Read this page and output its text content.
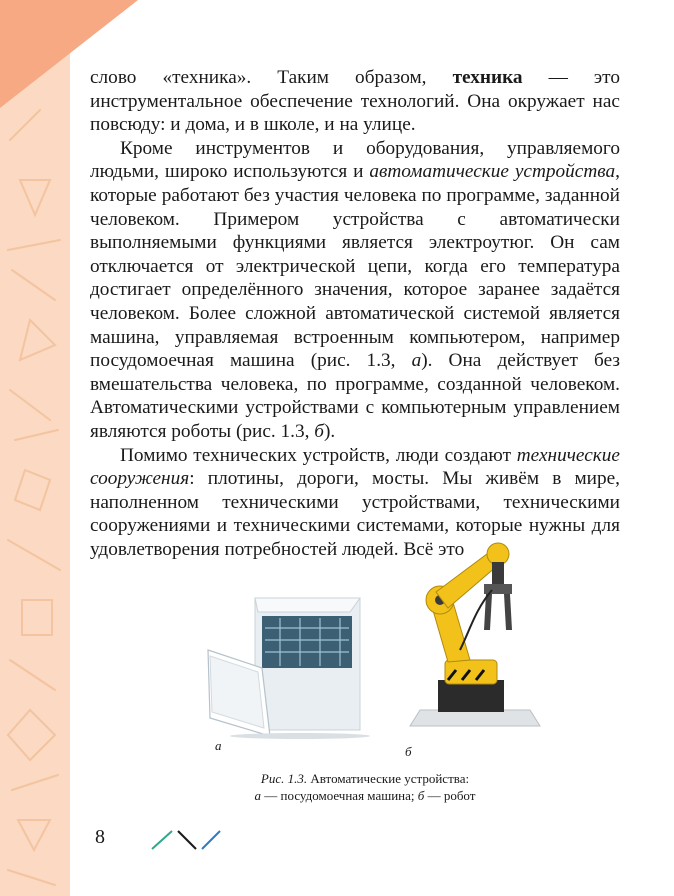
слово «техника». Таким образом, техника — это инструментальное обеспечение технологий. Она окружает нас повсюду: и дома, и в школе, и на улице.

Кроме инструментов и оборудования, управляемого людьми, широко используются и автоматические устройства, которые работают без участия человека по программе, заданной человеком. Примером устройства с автоматически выполняемыми функциями является электроутюг. Он сам отключается от электрической цепи, когда его температура достигает определённого значения, которое заранее задаётся человеком. Более сложной автоматической системой является машина, управляемая встроенным компьютером, например посудомоечная машина (рис. 1.3, а). Она действует без вмешательства человека, по программе, созданной человеком. Автоматическими устройствами с компьютерным управлением являются роботы (рис. 1.3, б).

Помимо технических устройств, люди создают технические сооружения: плотины, дороги, мосты. Мы живём в мире, наполненном техническими устройствами, техническими сооружениями и техническими системами, которые нужны для удовлетворения потребностей людей. Всё это

а	б
Рис. 1.3. Автоматические устройства:
а — посудомоечная машина; б — робот
8
